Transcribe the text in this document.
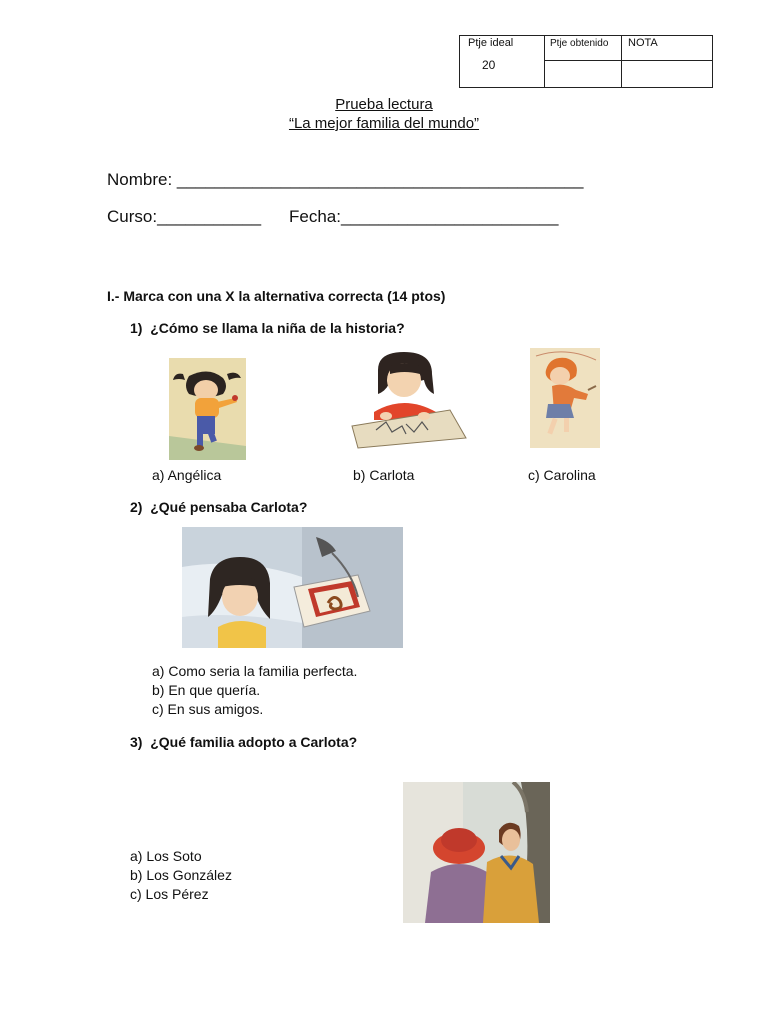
Ptje ideal
20
Ptje obtenido NOTA
Prueba lectura
“La mejor familia del mundo”
Nombre: ___________________________________________
Curso:___________ Fecha:_______________________
I.- Marca con una X la alternativa correcta (14 ptos)
1) ¿Cómo se llama la niña de la historia?
a) Angélica	b) Carlota	c) Carolina
2) ¿Qué pensaba Carlota?
a) Como seria la familia perfecta.
b) En que quería.
c) En sus amigos.
3) ¿Qué familia adopto a Carlota?
a) Los Soto
b) Los González
c) Los Pérez
